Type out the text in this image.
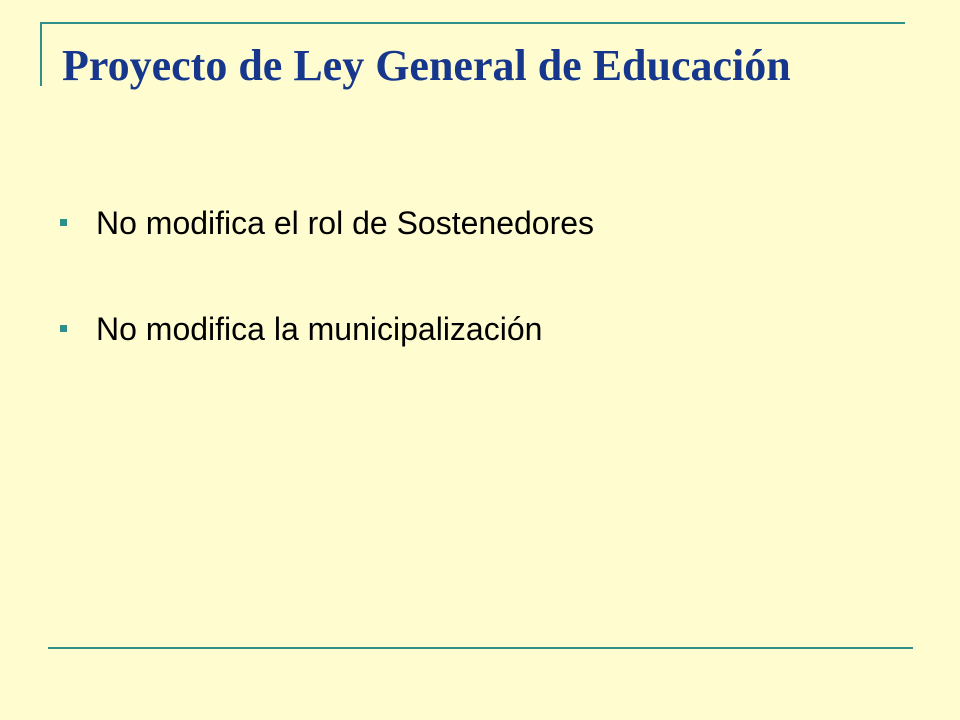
Proyecto de Ley General de Educación
No modifica el rol de Sostenedores
No modifica la municipalización
